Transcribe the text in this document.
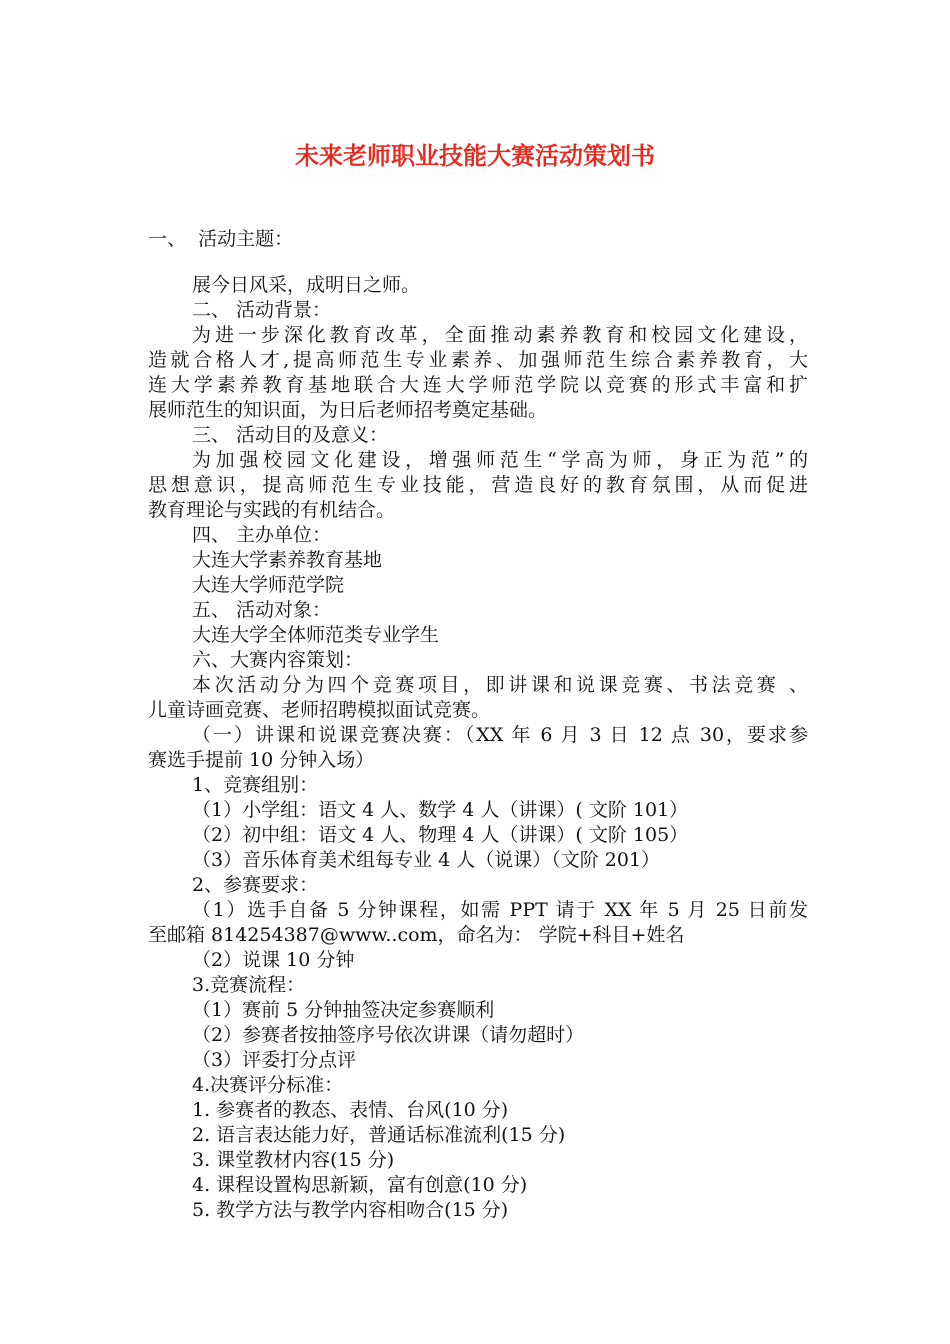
未来老师职业技能大赛活动策划书
一、  活动主题：
展今日风采，成明日之师。
二、 活动背景：
为进一步深化教育改革，全面推动素养教育和校园文化建设，
造就合格人才,提高师范生专业素养、加强师范生综合素养教育，大
连大学素养教育基地联合大连大学师范学院以竞赛的形式丰富和扩
展师范生的知识面，为日后老师招考奠定基础。
三、 活动目的及意义：
为加强校园文化建设，增强师范生“学高为师，身正为范”的
思想意识，提高师范生专业技能，营造良好的教育氛围，从而促进
教育理论与实践的有机结合。
四、 主办单位：
大连大学素养教育基地
大连大学师范学院
五、 活动对象：
大连大学全体师范类专业学生
六、大赛内容策划：
本次活动分为四个竞赛项目，即讲课和说课竞赛、书法竞赛 、
儿童诗画竞赛、老师招聘模拟面试竞赛。
（一）讲课和说课竞赛决赛：（XX 年 6 月 3 日 12 点 30，要求参
赛选手提前 10 分钟入场）
1、竞赛组别：
（1）小学组：语文 4 人、数学 4 人（讲课）( 文阶 101）
（2）初中组：语文 4 人、物理 4 人（讲课）( 文阶 105）
（3）音乐体育美术组每专业 4 人（说课）（文阶 201）
2、参赛要求：
（1）选手自备 5 分钟课程，如需 PPT 请于 XX 年 5 月 25 日前发
至邮箱 814254387@www..com，命名为： 学院+科目+姓名
（2）说课 10 分钟
3.竞赛流程：
（1）赛前 5 分钟抽签决定参赛顺利
（2）参赛者按抽签序号依次讲课（请勿超时）
（3）评委打分点评
4.决赛评分标准：
1. 参赛者的教态、表情、台风(10 分)
2. 语言表达能力好，普通话标准流利(15 分)
3. 课堂教材内容(15 分)
4. 课程设置构思新颖，富有创意(10 分)
5. 教学方法与教学内容相吻合(15 分)
